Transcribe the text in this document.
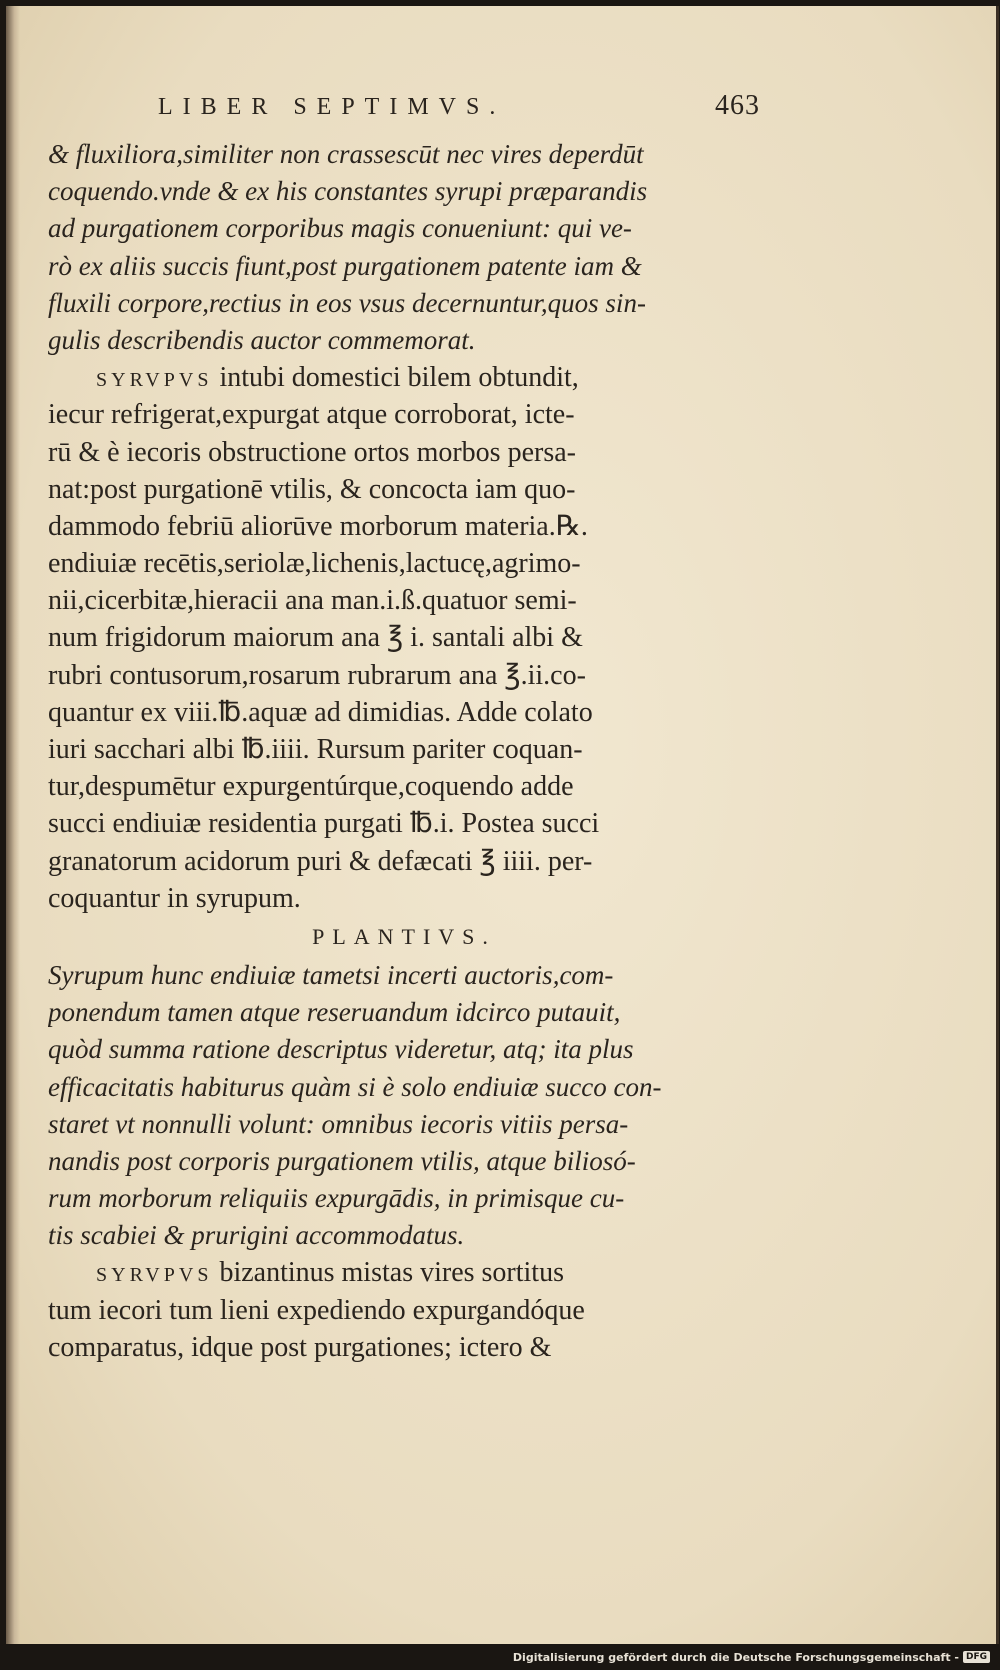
LIBER SEPTIMVS.	463
& fluxiliora,similiter non crassescūt nec vires deperdūt
coquendo.vnde & ex his constantes syrupi præparandis
ad purgationem corporibus magis conueniunt: qui ve-
rò ex aliis succis fiunt,post purgationem patente iam &
fluxili corpore,rectius in eos vsus decernuntur,quos sin-
gulis describendis auctor commemorat.
SYRVPVS intubi domestici bilem obtundit,
iecur refrigerat,expurgat atque corroborat, icte-
rū & è iecoris obstructione ortos morbos persa-
nat:post purgationē vtilis, & concocta iam quo-
dammodo febriū aliorūve morborum materia.℞.
endiuiæ recētis,seriolæ,lichenis,lactucę,agrimo-
nii,cicerbitæ,hieracii ana man.i.ß.quatuor semi-
num frigidorum maiorum ana ℥ i. santali albi &
rubri contusorum,rosarum rubrarum ana ℥.ii.co-
quantur ex viii.℔.aquæ ad dimidias. Adde colato
iuri sacchari albi ℔.iiii. Rursum pariter coquan-
tur,despumētur expurgentúrque,coquendo adde
succi endiuiæ residentia purgati ℔.i. Postea succi
granatorum acidorum puri & defæcati ℥ iiii. per-
coquantur in syrupum.
PLANTIVS.
Syrupum hunc endiuiæ tametsi incerti auctoris,com-
ponendum tamen atque reseruandum idcirco putauit,
quòd summa ratione descriptus videretur, atq; ita plus
efficacitatis habiturus quàm si è solo endiuiæ succo con-
staret vt nonnulli volunt: omnibus iecoris vitiis persa-
nandis post corporis purgationem vtilis, atque biliosó-
rum morborum reliquiis expurgādis, in primisque cu-
tis scabiei & prurigini accommodatus.
SYRVPVS bizantinus mistas vires sortitus
tum iecori tum lieni expediendo expurgandóque
comparatus, idque post purgationes; ictero &
Digitalisierung gefördert durch die Deutsche Forschungsgemeinschaft - DFG
